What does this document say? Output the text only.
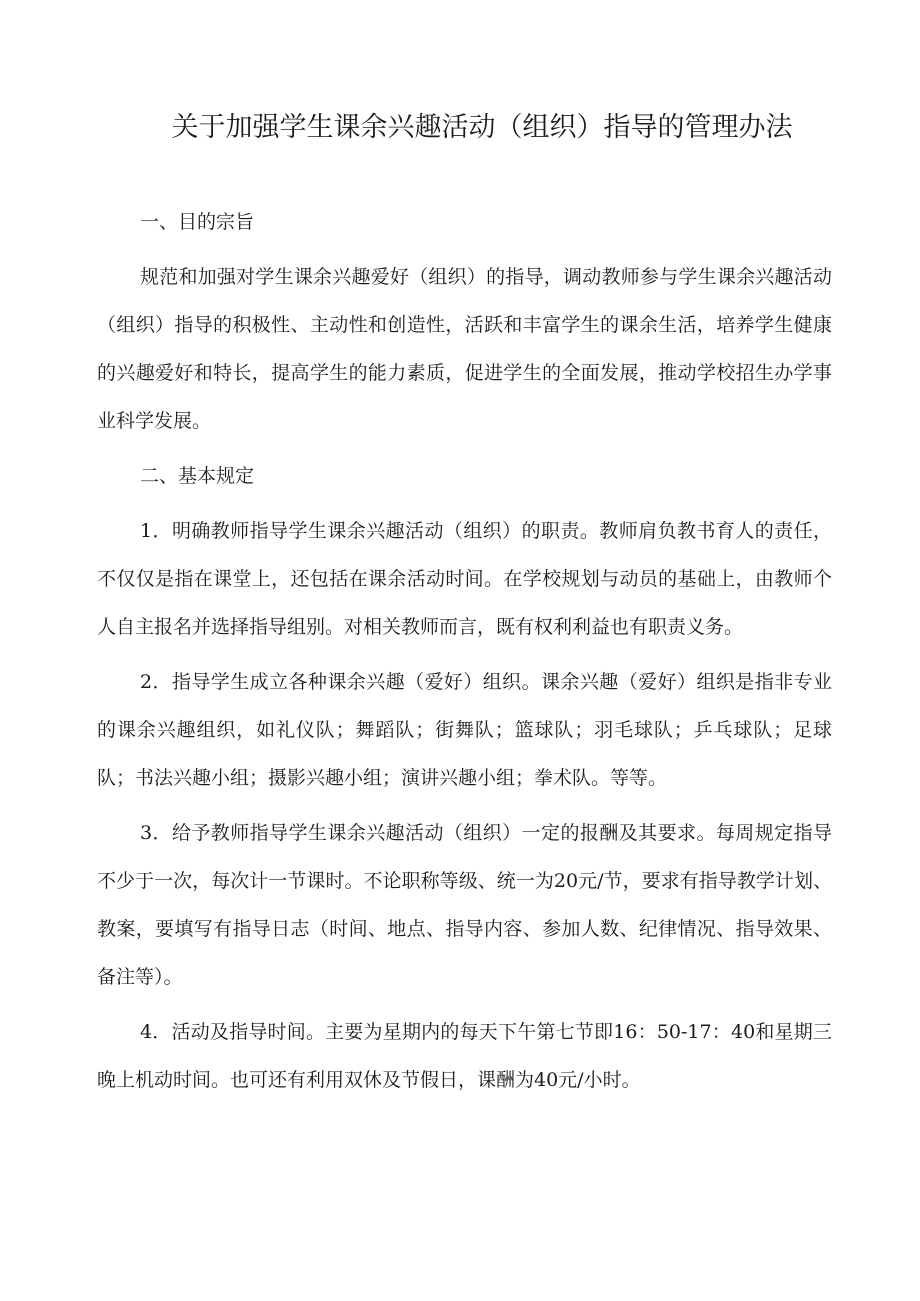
关于加强学生课余兴趣活动（组织）指导的管理办法

一、目的宗旨

规范和加强对学生课余兴趣爱好（组织）的指导，调动教师参与学生课余兴趣活动（组织）指导的积极性、主动性和创造性，活跃和丰富学生的课余生活，培养学生健康的兴趣爱好和特长，提高学生的能力素质，促进学生的全面发展，推动学校招生办学事业科学发展。

二、基本规定

1．明确教师指导学生课余兴趣活动（组织）的职责。教师肩负教书育人的责任，不仅仅是指在课堂上，还包括在课余活动时间。在学校规划与动员的基础上，由教师个人自主报名并选择指导组别。对相关教师而言，既有权利利益也有职责义务。

2．指导学生成立各种课余兴趣（爱好）组织。课余兴趣（爱好）组织是指非专业的课余兴趣组织，如礼仪队；舞蹈队；街舞队；篮球队；羽毛球队；乒乓球队；足球队；书法兴趣小组；摄影兴趣小组；演讲兴趣小组；拳术队。等等。

3．给予教师指导学生课余兴趣活动（组织）一定的报酬及其要求。每周规定指导不少于一次，每次计一节课时。不论职称等级、统一为20元/节，要求有指导教学计划、教案，要填写有指导日志（时间、地点、指导内容、参加人数、纪律情况、指导效果、备注等）。

4．活动及指导时间。主要为星期内的每天下午第七节即16：50-17：40和星期三晚上机动时间。也可还有利用双休及节假日，课酬为40元/小时。
